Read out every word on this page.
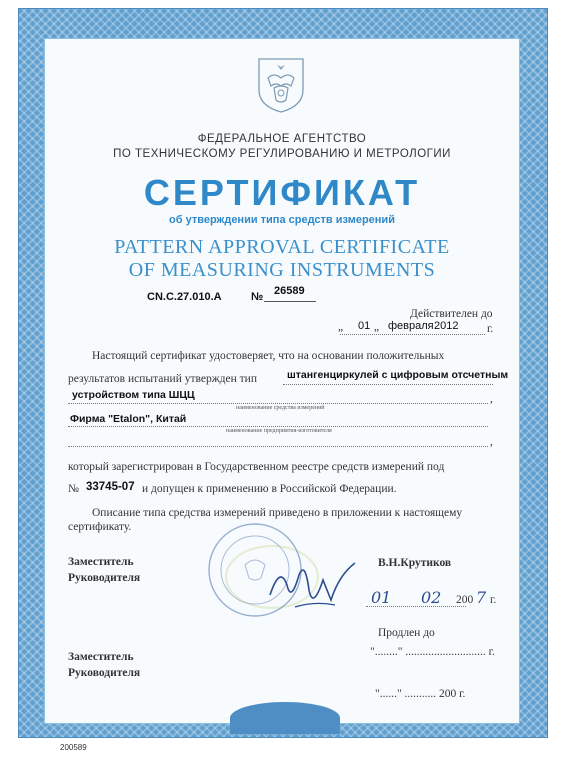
ФЕДЕРАЛЬНОЕ АГЕНТСТВО
ПО ТЕХНИЧЕСКОМУ РЕГУЛИРОВАНИЮ И МЕТРОЛОГИИ
СЕРТИФИКАТ
об утверждении типа средств измерений
PATTERN APPROVAL CERTIFICATE
OF MEASURING INSTRUMENTS
CN.C.27.010.A	№ 26589
Действителен до
„ 01 „ февраля 2012 г.
Настоящий сертификат удостоверяет, что на основании положительных
результатов испытаний утвержден тип	штангенциркулей с цифровым отсчетным
устройством типа ШЦЦ	,
наименование средства измерений
Фирма "Etalon", Китай
наименование предприятия-изготовителя
,
который зарегистрирован в Государственном реестре средств измерений под
№ 33745-07 и допущен к применению в Российской Федерации.
Описание типа средства измерений приведено в приложении к настоящему
сертификату.
Заместитель
Руководителя
В.Н.Крутиков
01 02 200 7 г.
Продлен до
"........" ............................ г.
Заместитель
Руководителя
"......" ........... 200 г.
200589
